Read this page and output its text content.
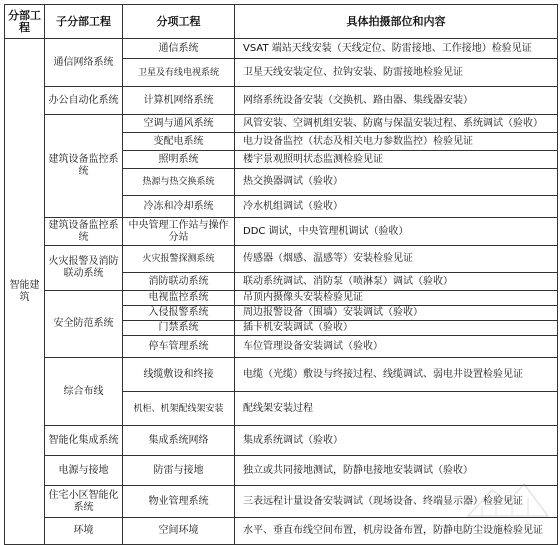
分部工程	子分部工程	分项工程	具体拍摄部位和内容
智能建筑	通信网络系统	通信系统	VSAT 端站天线安装（天线定位、防雷接地、工作接地）检验见证
		卫星及有线电视系统	卫星天线安装定位、拉钩安装、防雷接地检验见证
	办公自动化系统	计算机网络系统	网络系统设备安装（交换机、路由器、集线器安装）
	建筑设备监控系统	空调与通风系统	风管安装、空调机组安装、防腐与保温安装过程、系统调试（验收）
		变配电系统	电力设备监控（状态及相关电力参数监控）检验见证
		照明系统	楼宇景观照明状态监测检验见证
		热源与热交换系统	热交换器调试（验收）
		冷冻和冷却系统	冷水机组调试（验收）
	建筑设备监控系统	中央管理工作站与操作分站	DDC 调试，中央管理机调试（验收）
	火灾报警及消防联动系统	火灾报警探测系统	传感器（烟感、温感等）安装检验见证
		消防联动系统	联动系统调试、消防泵（喷淋泵）调试（验收）
	安全防范系统	电视监控系统	吊顶内摄像头安装检验见证
		入侵报警系统	周边报警设备（围墙）安装调试（验收）
		门禁系统	插卡机安装调试（验收）
		停车管理系统	车位管理设备安装调试（验收）
	综合布线	线缆敷设和终接	电缆（光缆）敷设与终接过程、线缆调试、弱电井设置检验见证
		机柜、机架配线架安装	配线架安装过程
	智能化集成系统	集成系统网络	集成系统调试（验收）
	电源与接地	防雷与接地	独立或共同接地测试，防静电接地安装调试（验收）
	住宅小区智能化系统	物业管理系统	三表远程计量设备安装调试（现场设备、终端显示器）检验见证
	环境	空间环境	水平、垂直布线空间布置，机房设备布置，防静电防尘设施检验见证
